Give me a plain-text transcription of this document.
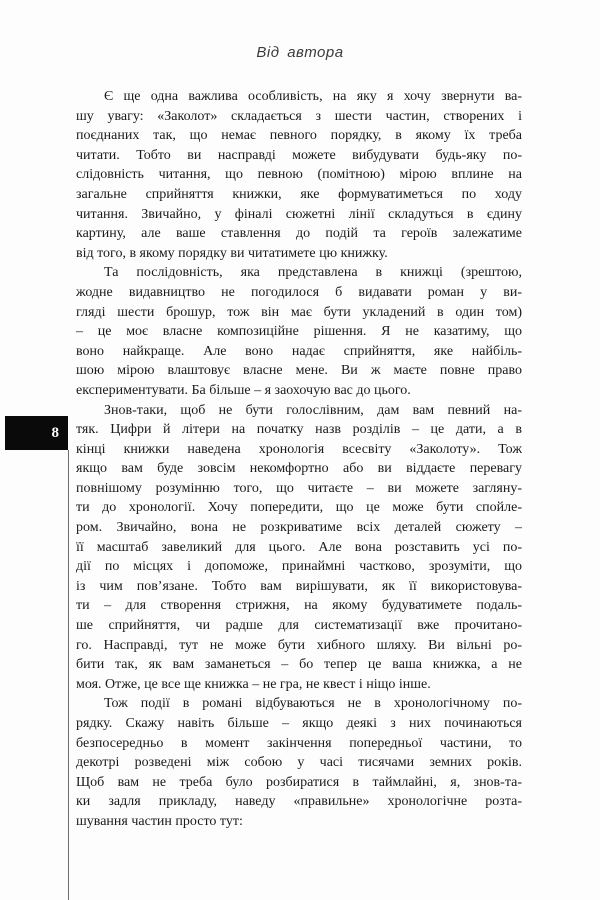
Від автора
8
Є ще одна важлива особливість, на яку я хочу звернути ва-
шу увагу: «Заколот» складається з шести частин, створених і
поєднаних так, що немає певного порядку, в якому їх треба
читати. Тобто ви насправді можете вибудувати будь-яку по-
слідовність читання, що певною (помітною) мірою вплине на
загальне сприйняття книжки, яке формуватиметься по ходу
читання. Звичайно, у фіналі сюжетні лінії складуться в єдину
картину, але ваше ставлення до подій та героїв залежатиме
від того, в якому порядку ви читатимете цю книжку.
Та послідовність, яка представлена в книжці (зрештою,
жодне видавництво не погодилося б видавати роман у ви-
гляді шести брошур, тож він має бути укладений в один том)
– це моє власне композиційне рішення. Я не казатиму, що
воно найкраще. Але воно надає сприйняття, яке найбіль-
шою мірою влаштовує власне мене. Ви ж маєте повне право
експериментувати. Ба більше – я заохочую вас до цього.
Знов-таки, щоб не бути голослівним, дам вам певний на-
тяк. Цифри й літери на початку назв розділів – це дати, а в
кінці книжки наведена хронологія всесвіту «Заколоту». Тож
якщо вам буде зовсім некомфортно або ви віддаєте перевагу
повнішому розумінню того, що читаєте – ви можете загляну-
ти до хронології. Хочу попередити, що це може бути спойле-
ром. Звичайно, вона не розкриватиме всіх деталей сюжету –
її масштаб завеликий для цього. Але вона розставить усі по-
дії по місцях і допоможе, принаймні частково, зрозуміти, що
із чим пов’язане. Тобто вам вирішувати, як її використовува-
ти – для створення стрижня, на якому будуватимете подаль-
ше сприйняття, чи радше для систематизації вже прочитано-
го. Насправді, тут не може бути хибного шляху. Ви вільні ро-
бити так, як вам заманеться – бо тепер це ваша книжка, а не
моя. Отже, це все ще книжка – не гра, не квест і ніщо інше.
Тож події в романі відбуваються не в хронологічному по-
рядку. Скажу навіть більше – якщо деякі з них починаються
безпосередньо в момент закінчення попередньої частини, то
декотрі розведені між собою у часі тисячами земних років.
Щоб вам не треба було розбиратися в таймлайні, я, знов-та-
ки задля прикладу, наведу «правильне» хронологічне розта-
шування частин просто тут:
